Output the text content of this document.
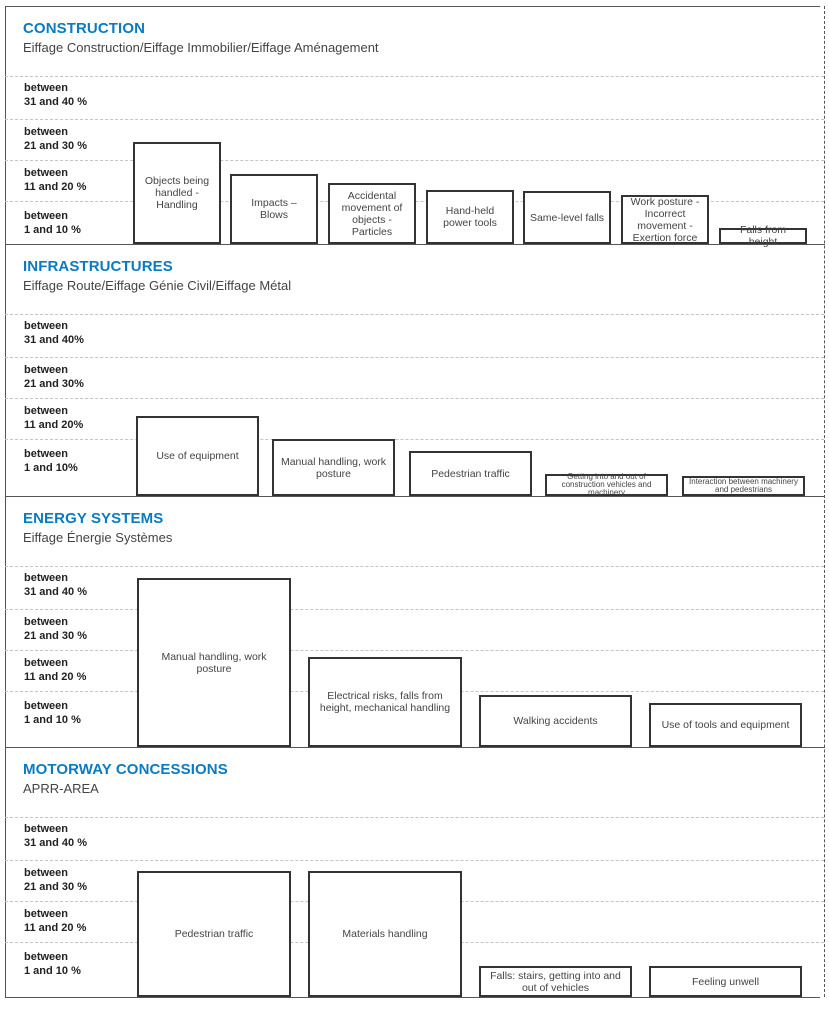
CONSTRUCTION
Eiffage Construction/Eiffage Immobilier/Eiffage Aménagement
between
31 and 40 %
between
21 and 30 %
between
11 and 20 %
between
1 and 10 %
Objects being handled - Handling	Impacts – Blows
Accidental movement of objects - Particles
Hand-held power tools	Same-level falls
Work posture - Incorrect movement - Exertion force
Falls from height
INFRASTRUCTURES
Eiffage Route/Eiffage Génie Civil/Eiffage Métal
between
31 and 40%
between
21 and 30%
between
11 and 20%
between
1 and 10%
Use of equipment	Manual handling, work posture	Pedestrian traffic	Getting into and out of construction vehicles and machinery
Interaction between machinery and pedestrians
ENERGY SYSTEMS
Eiffage Énergie Systèmes
between
31 and 40 %
between
21 and 30 %
between
11 and 20 %
between
1 and 10 %
Manual handling, work posture
Electrical risks, falls from height, mechanical handling
Walking accidents	Use of tools and equipment
MOTORWAY CONCESSIONS
APRR-AREA
between
31 and 40 %
between
21 and 30 %
between
11 and 20 %
between
1 and 10 %
Pedestrian traffic	Materials handling
Falls: stairs, getting into and out of vehicles	Feeling unwell
